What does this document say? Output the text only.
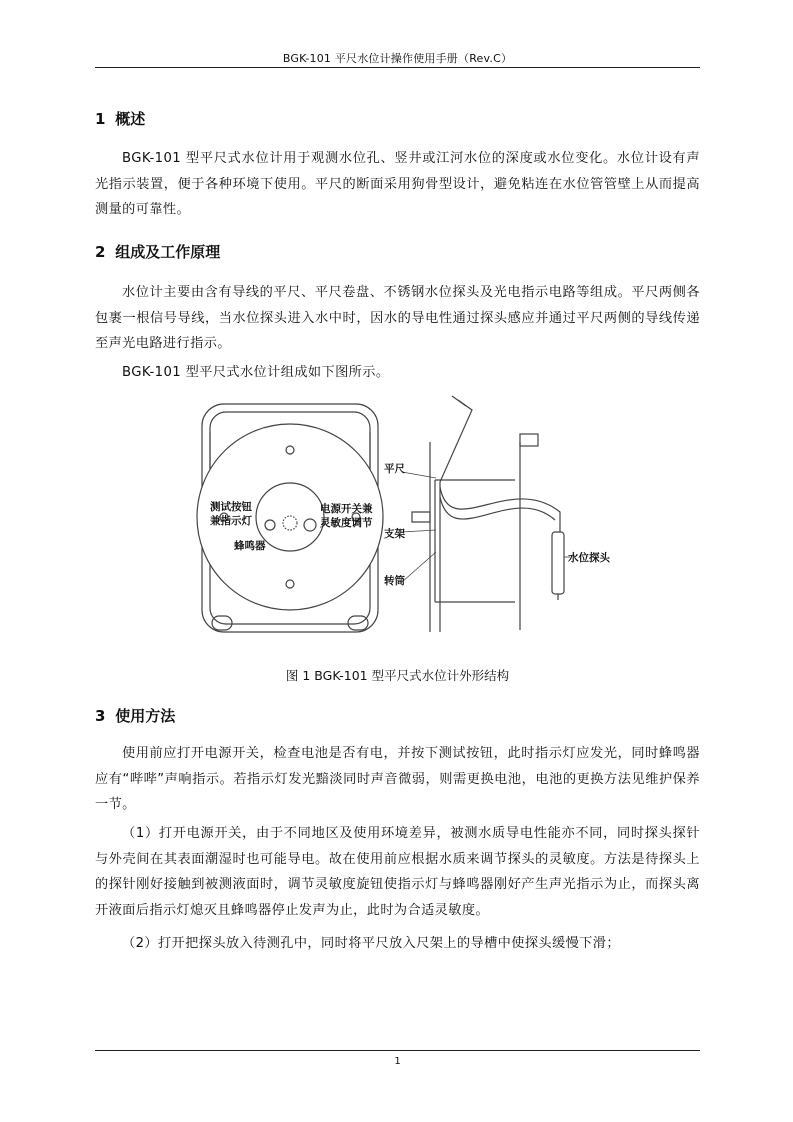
BGK-101 平尺水位计操作使用手册（Rev.C）
1 概述

BGK-101 型平尺式水位计用于观测水位孔、竖井或江河水位的深度或水位变化。水位计设有声光指示装置，便于各种环境下使用。平尺的断面采用狗骨型设计，避免粘连在水位管管壁上从而提高测量的可靠性。

2 组成及工作原理

水位计主要由含有导线的平尺、平尺卷盘、不锈钢水位探头及光电指示电路等组成。平尺两侧各包裹一根信号导线，当水位探头进入水中时，因水的导电性通过探头感应并通过平尺两侧的导线传递至声光电路进行指示。

BGK-101 型平尺式水位计组成如下图所示。

测试按钮
兼指示灯
蜂鸣器
电源开关兼
灵敏度调节
平尺
支架
转筒
水位探头
图 1 BGK-101 型平尺式水位计外形结构
3 使用方法

使用前应打开电源开关，检查电池是否有电，并按下测试按钮，此时指示灯应发光，同时蜂鸣器应有“哔哔”声响指示。若指示灯发光黯淡同时声音微弱，则需更换电池，电池的更换方法见维护保养一节。

（1）打开电源开关，由于不同地区及使用环境差异，被测水质导电性能亦不同，同时探头探针与外壳间在其表面潮湿时也可能导电。故在使用前应根据水质来调节探头的灵敏度。方法是待探头上的探针刚好接触到被测液面时，调节灵敏度旋钮使指示灯与蜂鸣器刚好产生声光指示为止，而探头离开液面后指示灯熄灭且蜂鸣器停止发声为止，此时为合适灵敏度。

（2）打开把探头放入待测孔中，同时将平尺放入尺架上的导槽中使探头缓慢下滑；

1
